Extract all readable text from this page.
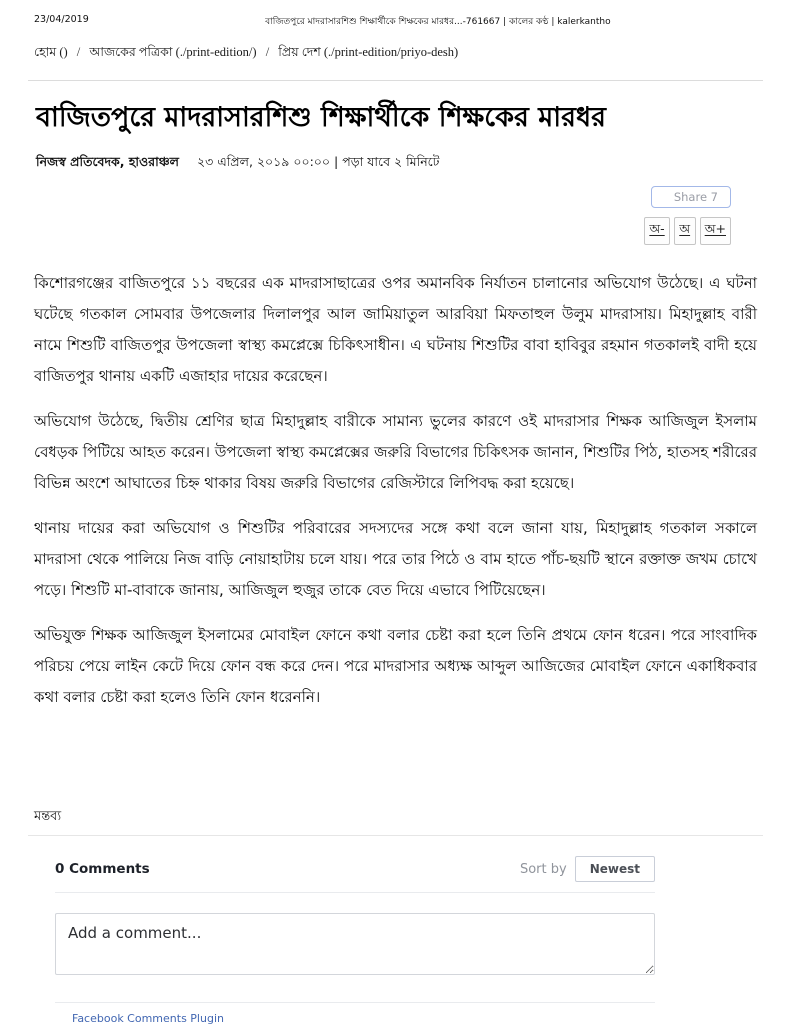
23/04/2019	বাজিতপুরে মাদরাসারশিশু শিক্ষার্থীকে শিক্ষকের মারধর...-761667 | কালের কণ্ঠ | kalerkantho
হোম () / আজকের পত্রিকা (./print-edition/) / প্রিয় দেশ (./print-edition/priyo-desh)
বাজিতপুরে মাদরাসারশিশু শিক্ষার্থীকে শিক্ষকের মারধর
নিজস্ব প্রতিবেদক, হাওরাঞ্চল ২৩ এপ্রিল, ২০১৯ ০০:০০ | পড়া যাবে ২ মিনিটে
Share 7
অ-	অ	অ+

কিশোরগঞ্জের বাজিতপুরে ১১ বছরের এক মাদরাসাছাত্রের ওপর অমানবিক নির্যাতন চালানোর অভিযোগ উঠেছে। এ ঘটনা ঘটেছে গতকাল সোমবার উপজেলার দিলালপুর আল জামিয়াতুল আরবিয়া মিফতাহুল উলুম মাদরাসায়। মিহাদুল্লাহ বারী নামে শিশুটি বাজিতপুর উপজেলা স্বাস্থ্য কমপ্লেক্সে চিকিৎসাধীন। এ ঘটনায় শিশুটির বাবা হাবিবুর রহমান গতকালই বাদী হয়ে বাজিতপুর থানায় একটি এজাহার দায়ের করেছেন।

অভিযোগ উঠেছে, দ্বিতীয় শ্রেণির ছাত্র মিহাদুল্লাহ বারীকে সামান্য ভুলের কারণে ওই মাদরাসার শিক্ষক আজিজুল ইসলাম বেধড়ক পিটিয়ে আহত করেন। উপজেলা স্বাস্থ্য কমপ্লেক্সের জরুরি বিভাগের চিকিৎসক জানান, শিশুটির পিঠ, হাতসহ শরীরের বিভিন্ন অংশে আঘাতের চিহ্ন থাকার বিষয় জরুরি বিভাগের রেজিস্টারে লিপিবদ্ধ করা হয়েছে।

থানায় দায়ের করা অভিযোগ ও শিশুটির পরিবারের সদস্যদের সঙ্গে কথা বলে জানা যায়, মিহাদুল্লাহ গতকাল সকালে মাদরাসা থেকে পালিয়ে নিজ বাড়ি নোয়াহাটায় চলে যায়। পরে তার পিঠে ও বাম হাতে পাঁচ-ছয়টি স্থানে রক্তাক্ত জখম চোখে পড়ে। শিশুটি মা-বাবাকে জানায়, আজিজুল হুজুর তাকে বেত দিয়ে এভাবে পিটিয়েছেন।

অভিযুক্ত শিক্ষক আজিজুল ইসলামের মোবাইল ফোনে কথা বলার চেষ্টা করা হলে তিনি প্রথমে ফোন ধরেন। পরে সাংবাদিক পরিচয় পেয়ে লাইন কেটে দিয়ে ফোন বন্ধ করে দেন। পরে মাদরাসার অধ্যক্ষ আব্দুল আজিজের মোবাইল ফোনে একাধিকবার কথা বলার চেষ্টা করা হলেও তিনি ফোন ধরেননি।

মন্তব্য
0 Comments	Sort by	Newest
Add a comment...
Facebook Comments Plugin
